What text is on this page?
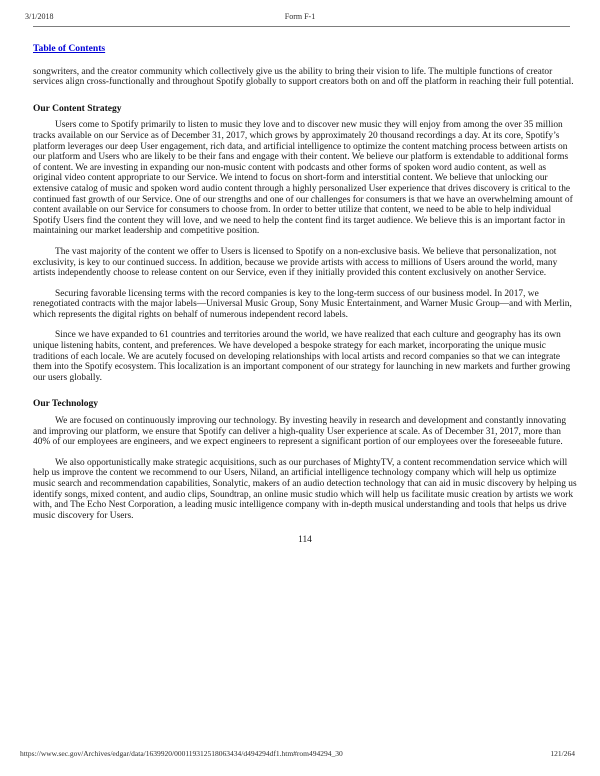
3/1/2018	Form F-1
Table of Contents

songwriters, and the creator community which collectively give us the ability to bring their vision to life. The multiple functions of creator services align cross-functionally and throughout Spotify globally to support creators both on and off the platform in reaching their full potential.

Our Content Strategy

Users come to Spotify primarily to listen to music they love and to discover new music they will enjoy from among the over 35 million tracks available on our Service as of December 31, 2017, which grows by approximately 20 thousand recordings a day. At its core, Spotify’s platform leverages our deep User engagement, rich data, and artificial intelligence to optimize the content matching process between artists on our platform and Users who are likely to be their fans and engage with their content. We believe our platform is extendable to additional forms of content. We are investing in expanding our non-music content with podcasts and other forms of spoken word audio content, as well as original video content appropriate to our Service. We intend to focus on short-form and interstitial content. We believe that unlocking our extensive catalog of music and spoken word audio content through a highly personalized User experience that drives discovery is critical to the continued fast growth of our Service. One of our strengths and one of our challenges for consumers is that we have an overwhelming amount of content available on our Service for consumers to choose from. In order to better utilize that content, we need to be able to help individual Spotify Users find the content they will love, and we need to help the content find its target audience. We believe this is an important factor in maintaining our market leadership and competitive position.

The vast majority of the content we offer to Users is licensed to Spotify on a non-exclusive basis. We believe that personalization, not exclusivity, is key to our continued success. In addition, because we provide artists with access to millions of Users around the world, many artists independently choose to release content on our Service, even if they initially provided this content exclusively on another Service.

Securing favorable licensing terms with the record companies is key to the long-term success of our business model. In 2017, we renegotiated contracts with the major labels—Universal Music Group, Sony Music Entertainment, and Warner Music Group—and with Merlin, which represents the digital rights on behalf of numerous independent record labels.

Since we have expanded to 61 countries and territories around the world, we have realized that each culture and geography has its own unique listening habits, content, and preferences. We have developed a bespoke strategy for each market, incorporating the unique music traditions of each locale. We are acutely focused on developing relationships with local artists and record companies so that we can integrate them into the Spotify ecosystem. This localization is an important component of our strategy for launching in new markets and further growing our users globally.

Our Technology

We are focused on continuously improving our technology. By investing heavily in research and development and constantly innovating and improving our platform, we ensure that Spotify can deliver a high-quality User experience at scale. As of December 31, 2017, more than 40% of our employees are engineers, and we expect engineers to represent a significant portion of our employees over the foreseeable future.

We also opportunistically make strategic acquisitions, such as our purchases of MightyTV, a content recommendation service which will help us improve the content we recommend to our Users, Niland, an artificial intelligence technology company which will help us optimize music search and recommendation capabilities, Sonalytic, makers of an audio detection technology that can aid in music discovery by helping us identify songs, mixed content, and audio clips, Soundtrap, an online music studio which will help us facilitate music creation by artists we work with, and The Echo Nest Corporation, a leading music intelligence company with in-depth musical understanding and tools that helps us drive music discovery for Users.

114

https://www.sec.gov/Archives/edgar/data/1639920/000119312518063434/d494294df1.htm#rom494294_30	121/264
